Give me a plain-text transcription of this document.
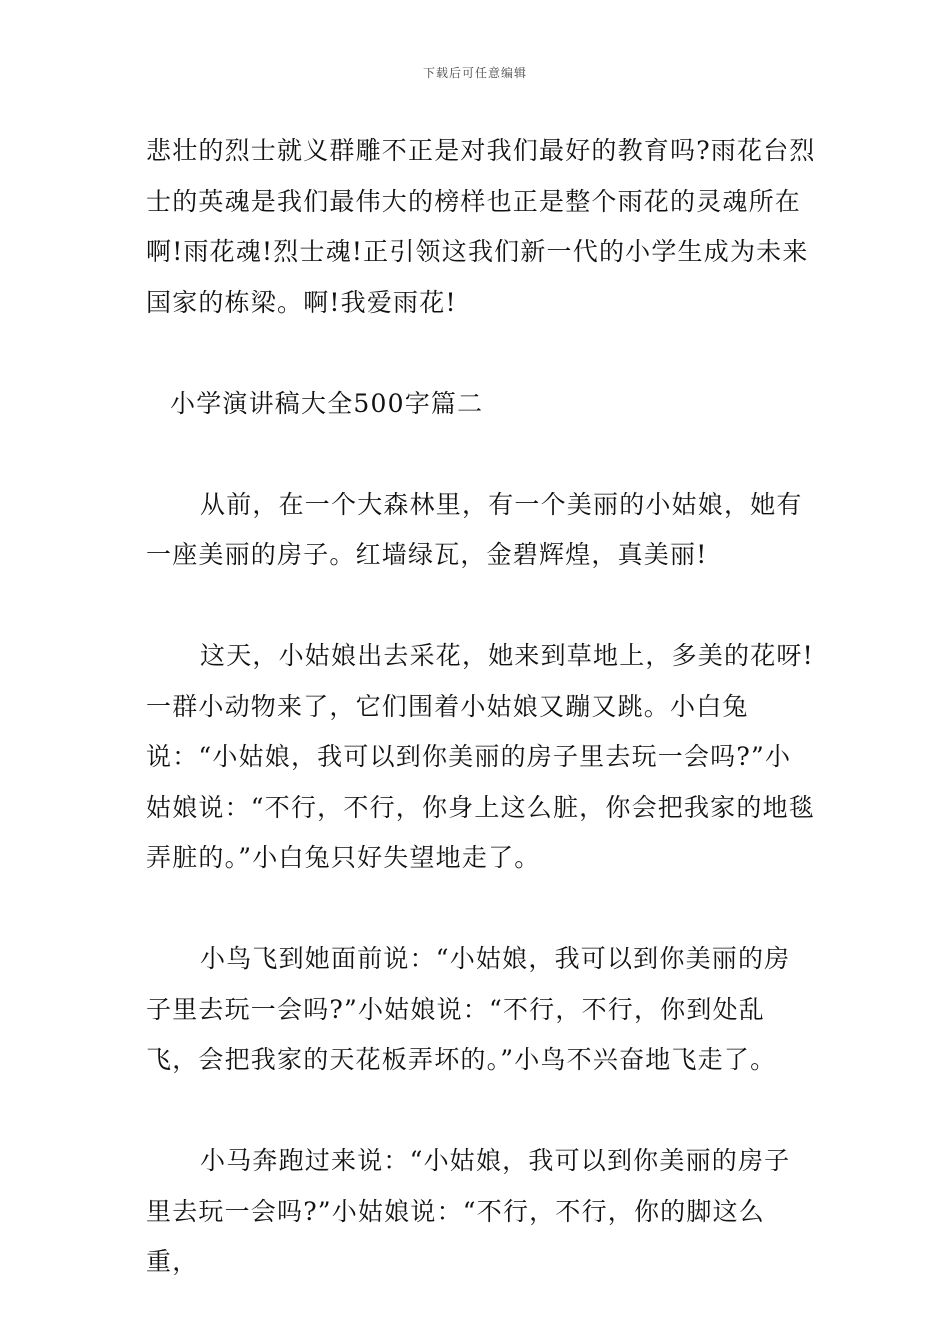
下载后可任意编辑

悲壮的烈士就义群雕不正是对我们最好的教育吗?雨花台烈士的英魂是我们最伟大的榜样也正是整个雨花的灵魂所在啊!雨花魂!烈士魂!正引领这我们新一代的小学生成为未来国家的栋梁。啊!我爱雨花!

小学演讲稿大全500字篇二

从前，在一个大森林里，有一个美丽的小姑娘，她有一座美丽的房子。红墙绿瓦，金碧辉煌，真美丽!

这天，小姑娘出去采花，她来到草地上，多美的花呀!一群小动物来了，它们围着小姑娘又蹦又跳。小白兔说：“小姑娘，我可以到你美丽的房子里去玩一会吗?”小姑娘说：“不行，不行，你身上这么脏，你会把我家的地毯弄脏的。”小白兔只好失望地走了。

小鸟飞到她面前说：“小姑娘，我可以到你美丽的房子里去玩一会吗?”小姑娘说：“不行，不行，你到处乱飞，会把我家的天花板弄坏的。”小鸟不兴奋地飞走了。

小马奔跑过来说：“小姑娘，我可以到你美丽的房子里去玩一会吗?”小姑娘说：“不行，不行，你的脚这么重，
